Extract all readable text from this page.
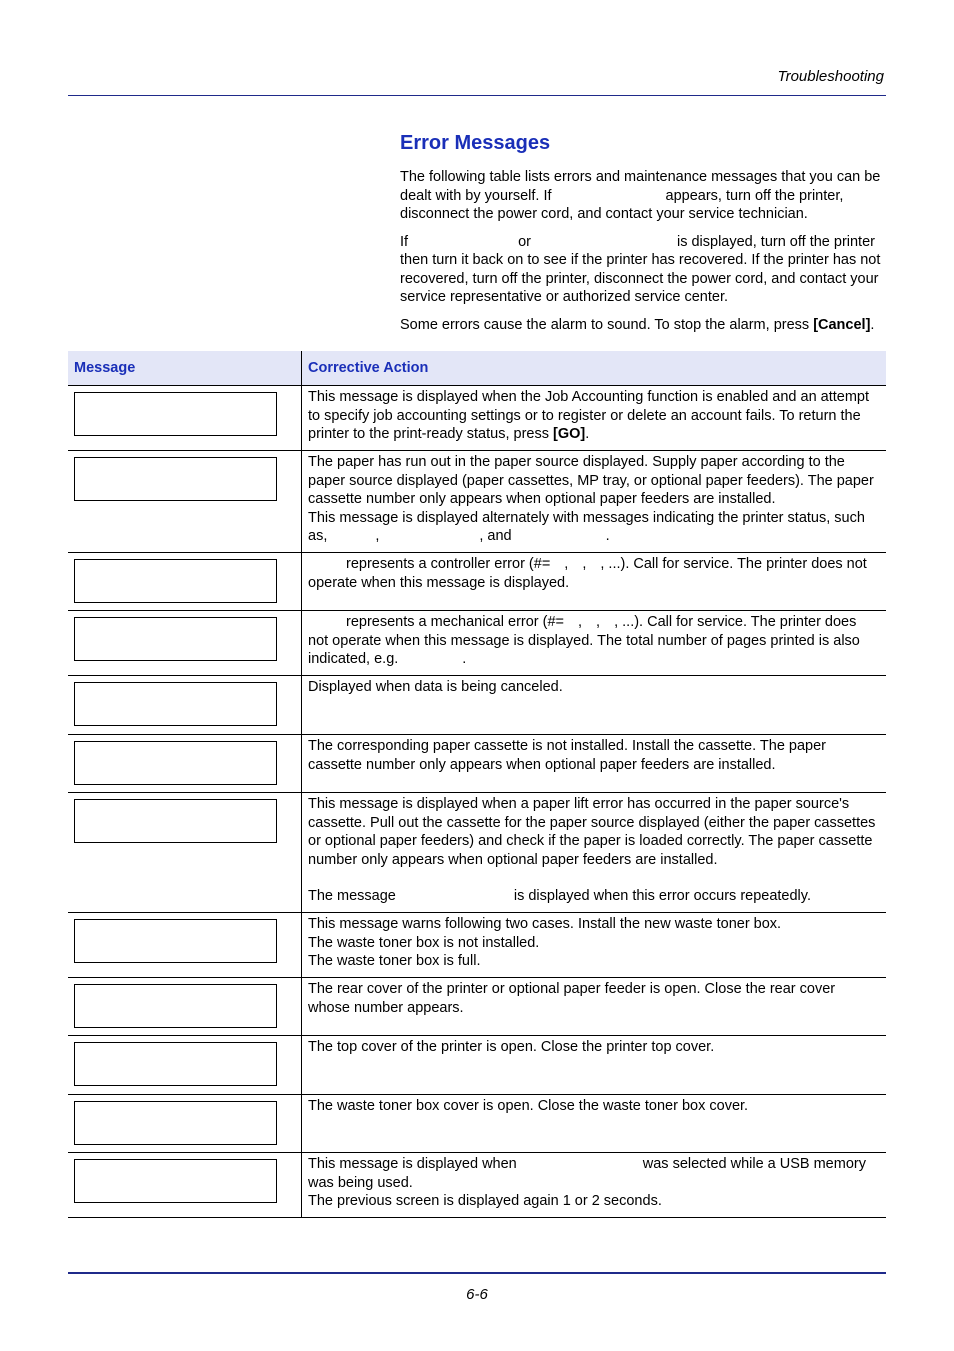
Troubleshooting
Error Messages

The following table lists errors and maintenance messages that you can be dealt with by yourself. If	appears, turn off the printer, disconnect the power cord, and contact your service technician.

If	or	is displayed, turn off the printer then turn it back on to see if the printer has recovered. If the printer has not recovered, turn off the printer, disconnect the power cord, and contact your service representative or authorized service center.

Some errors cause the alarm to sound. To stop the alarm, press [Cancel].

Message	Corrective Action

	This message is displayed when the Job Accounting function is enabled and an attempt to specify job accounting settings or to register or delete an account fails. To return the printer to the print-ready status, press [GO].

	The paper has run out in the paper source displayed. Supply paper according to the paper source displayed (paper cassettes, MP tray, or optional paper feeders). The paper cassette number only appears when optional paper feeders are installed.

This message is displayed alternately with messages indicating the printer status, such as, , , and .

	represents a controller error (#= , , , ...). Call for service. The printer does not operate when this message is displayed.

	represents a mechanical error (#= , , , ...). Call for service. The printer does not operate when this message is displayed. The total number of pages printed is also indicated, e.g. .

	Displayed when data is being canceled.

	The corresponding paper cassette is not installed. Install the cassette. The paper cassette number only appears when optional paper feeders are installed.

	This message is displayed when a paper lift error has occurred in the paper source's cassette. Pull out the cassette for the paper source displayed (either the paper cassettes or optional paper feeders) and check if the paper is loaded correctly. The paper cassette number only appears when optional paper feeders are installed.

The message is displayed when this error occurs repeatedly.

	This message warns following two cases. Install the new waste toner box.

The waste toner box is not installed.

The waste toner box is full.

	The rear cover of the printer or optional paper feeder is open. Close the rear cover whose number appears.

	The top cover of the printer is open. Close the printer top cover.

	The waste toner box cover is open. Close the waste toner box cover.

	This message is displayed when was selected while a USB memory was being used.

The previous screen is displayed again 1 or 2 seconds.

6-6
